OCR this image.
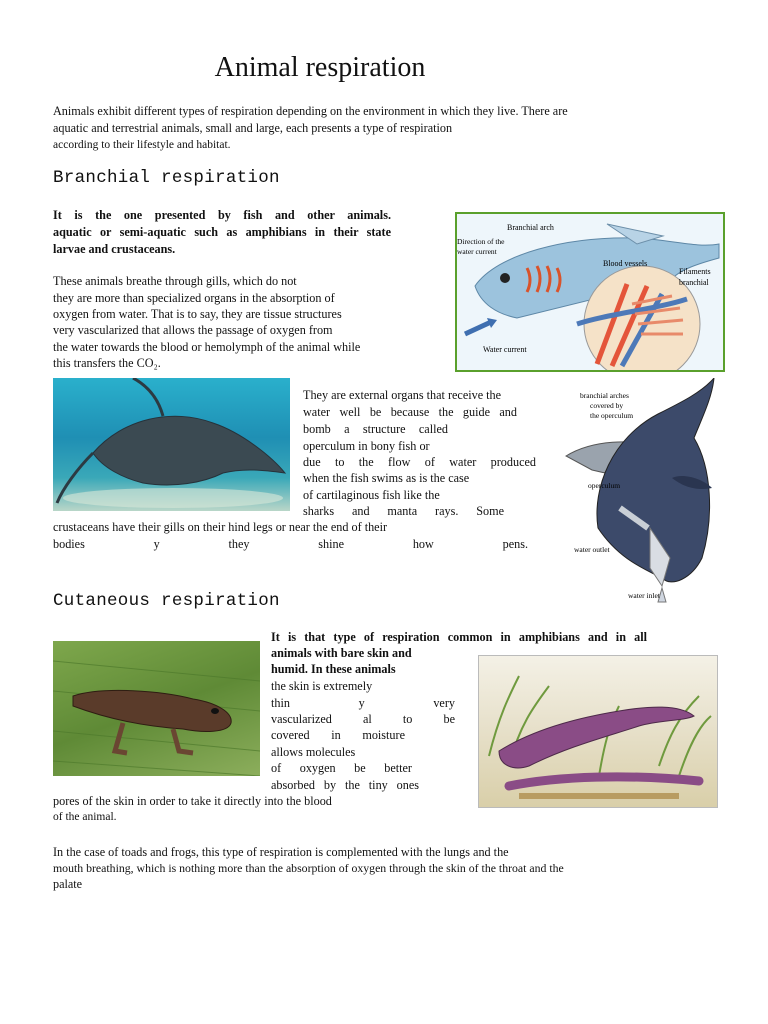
Animal respiration
Animals exhibit different types of respiration depending on the environment in which they live. There are
aquatic and terrestrial animals, small and large, each presents a type of respiration
according to their lifestyle and habitat.
Branchial respiration
It is the one presented by fish and other animals.
aquatic or semi-aquatic such as amphibians in their state
larvae and crustaceans.
These animals breathe through gills, which do not
they are more than specialized organs in the absorption of
oxygen from water. That is to say, they are tissue structures
very vascularized that allows the passage of oxygen from
the water towards the blood or hemolymph of the animal while
this transfers the CO₂.
Branchial arch
Direction of the
water current
Blood vessels
Filaments
branchial
Water current
They are external organs that receive the
water well be because the guide and
bomb a structure called
operculum in bony fish or
due to the flow of water produced
when the fish swims as is the case
of cartilaginous fish like the
sharks and manta rays. Some
crustaceans have their gills on their hind legs or near the end of their
bodies y they shine how pens.
branchial arches
covered by
the operculum
operculum
water outlet
water inlet
Cutaneous respiration
It is that type of respiration common in amphibians and in all
animals with bare skin and
humid. In these animals
the skin is extremely
thin y very
vascularized al to be
covered in moisture
allows molecules
of oxygen be better
absorbed by the tiny ones
pores of the skin in order to take it directly into the blood
of the animal.
In the case of toads and frogs, this type of respiration is complemented with the lungs and the
mouth breathing, which is nothing more than the absorption of oxygen through the skin of the throat and the
palate
